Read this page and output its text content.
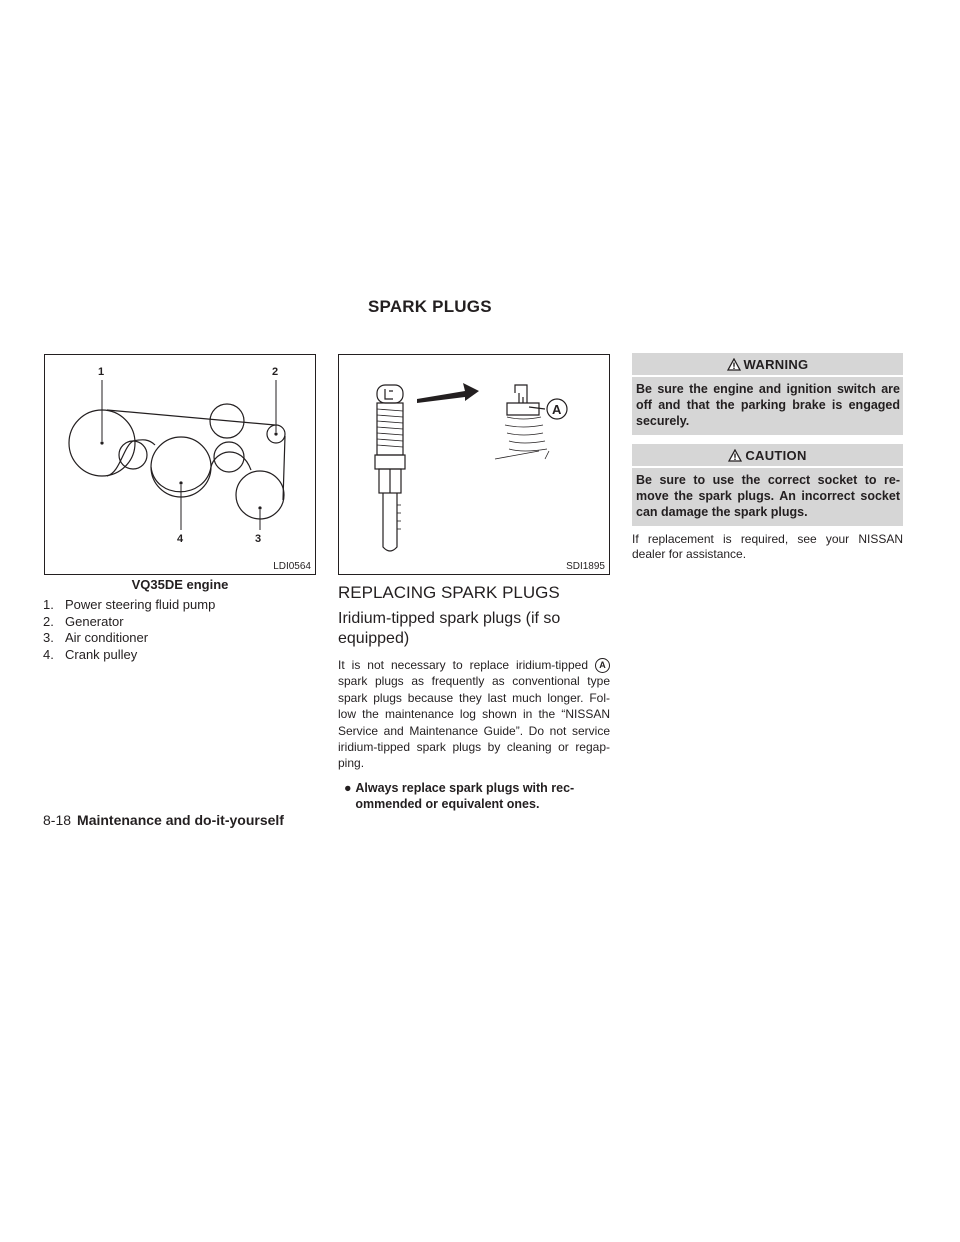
SPARK PLUGS
1	2
3
4
LDI0564
VQ35DE engine
1. Power steering fluid pump
2. Generator
3. Air conditioner
4. Crank pulley
A
SDI1895
REPLACING SPARK PLUGS
Iridium-tipped spark plugs (if so equipped)

It is not necessary to replace iridium-tipped A spark plugs as frequently as conventional type spark plugs because they last much longer. Fol-low the maintenance log shown in the “NISSAN Service and Maintenance Guide”. Do not service iridium-tipped spark plugs by cleaning or regap-ping.

● Always replace spark plugs with rec-ommended or equivalent ones.
WARNING
Be sure the engine and ignition switch are off and that the parking brake is engaged securely.
CAUTION
Be sure to use the correct socket to re-move the spark plugs. An incorrect socket can damage the spark plugs.
If replacement is required, see your NISSAN dealer for assistance.
8-18 Maintenance and do-it-yourself
